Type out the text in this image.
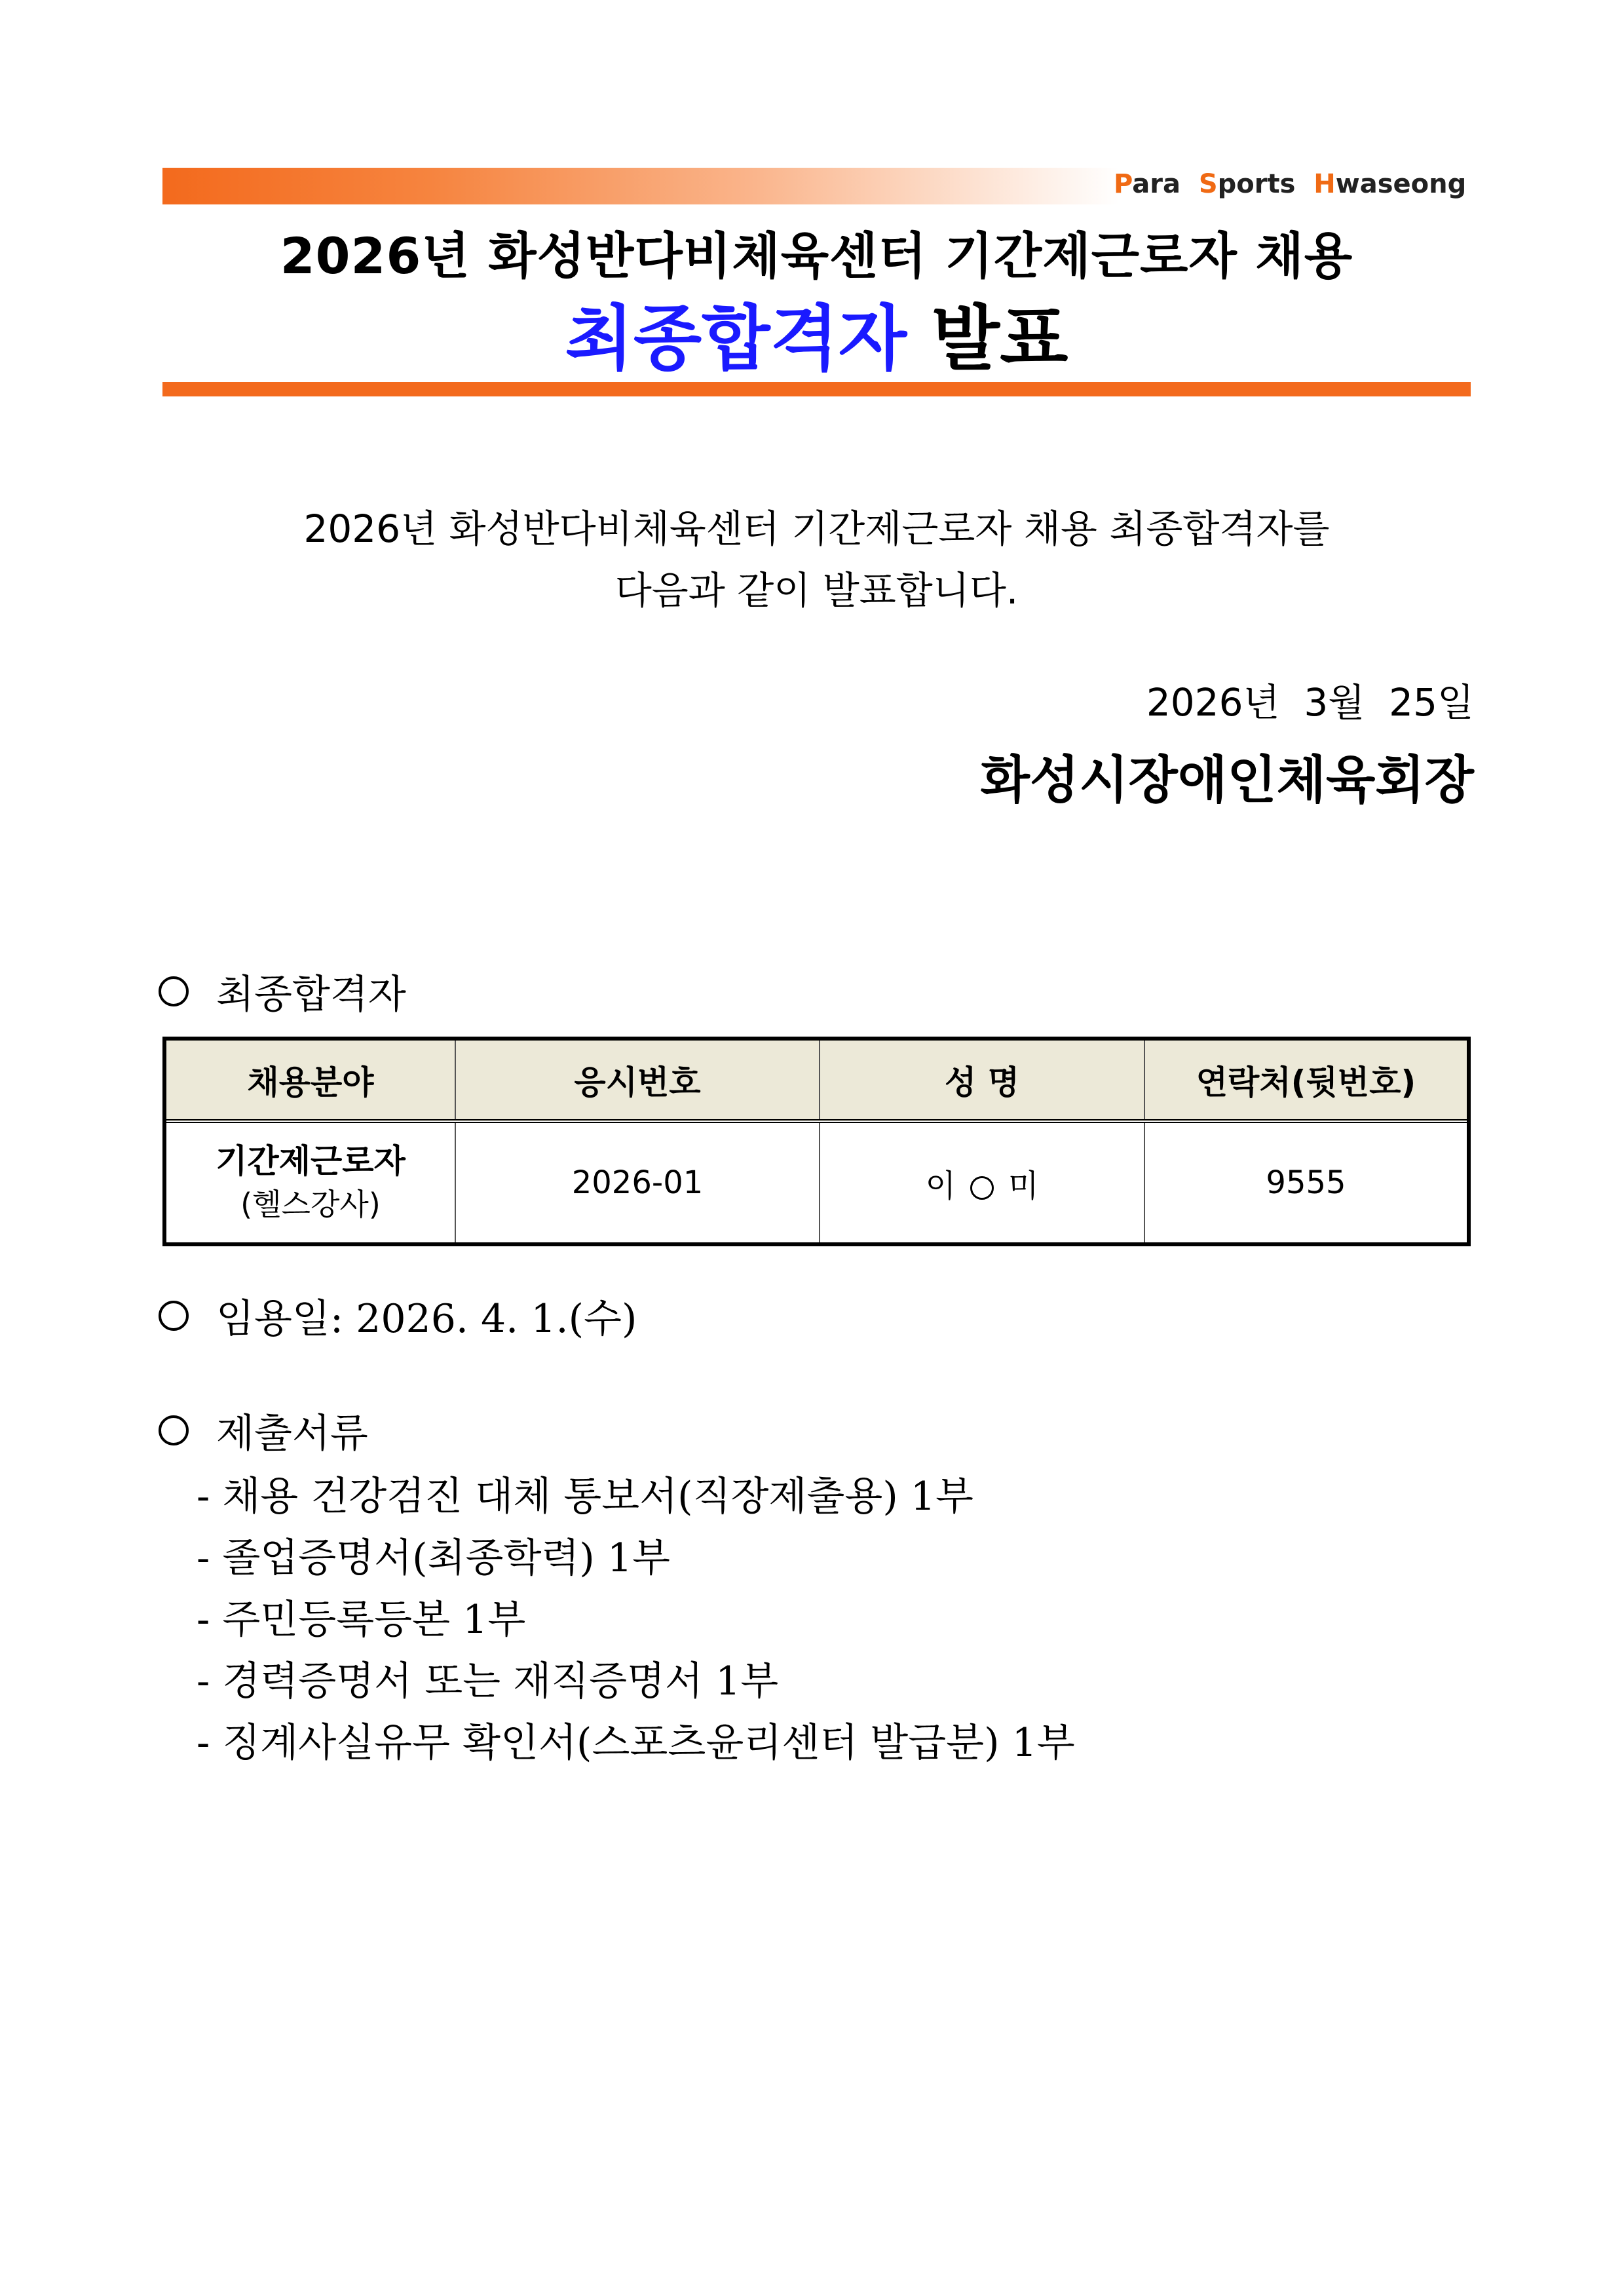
Para Sports Hwaseong
2026년 화성반다비체육센터 기간제근로자 채용
최종합격자 발표
2026년 화성반다비체육센터 기간제근로자 채용 최종합격자를
다음과 같이 발표합니다.
2026년  3월  25일
화성시장애인체육회장
최종합격자
채용분야	응시번호	성 명	연락처(뒷번호)

기간제근로자
(헬스강사)	2026-01	이 미	9555
임용일: 2026. 4. 1.(수)
제출서류
- 채용 건강검진 대체 통보서(직장제출용) 1부
- 졸업증명서(최종학력) 1부
- 주민등록등본 1부
- 경력증명서 또는 재직증명서 1부
- 징계사실유무 확인서(스포츠윤리센터 발급분) 1부
